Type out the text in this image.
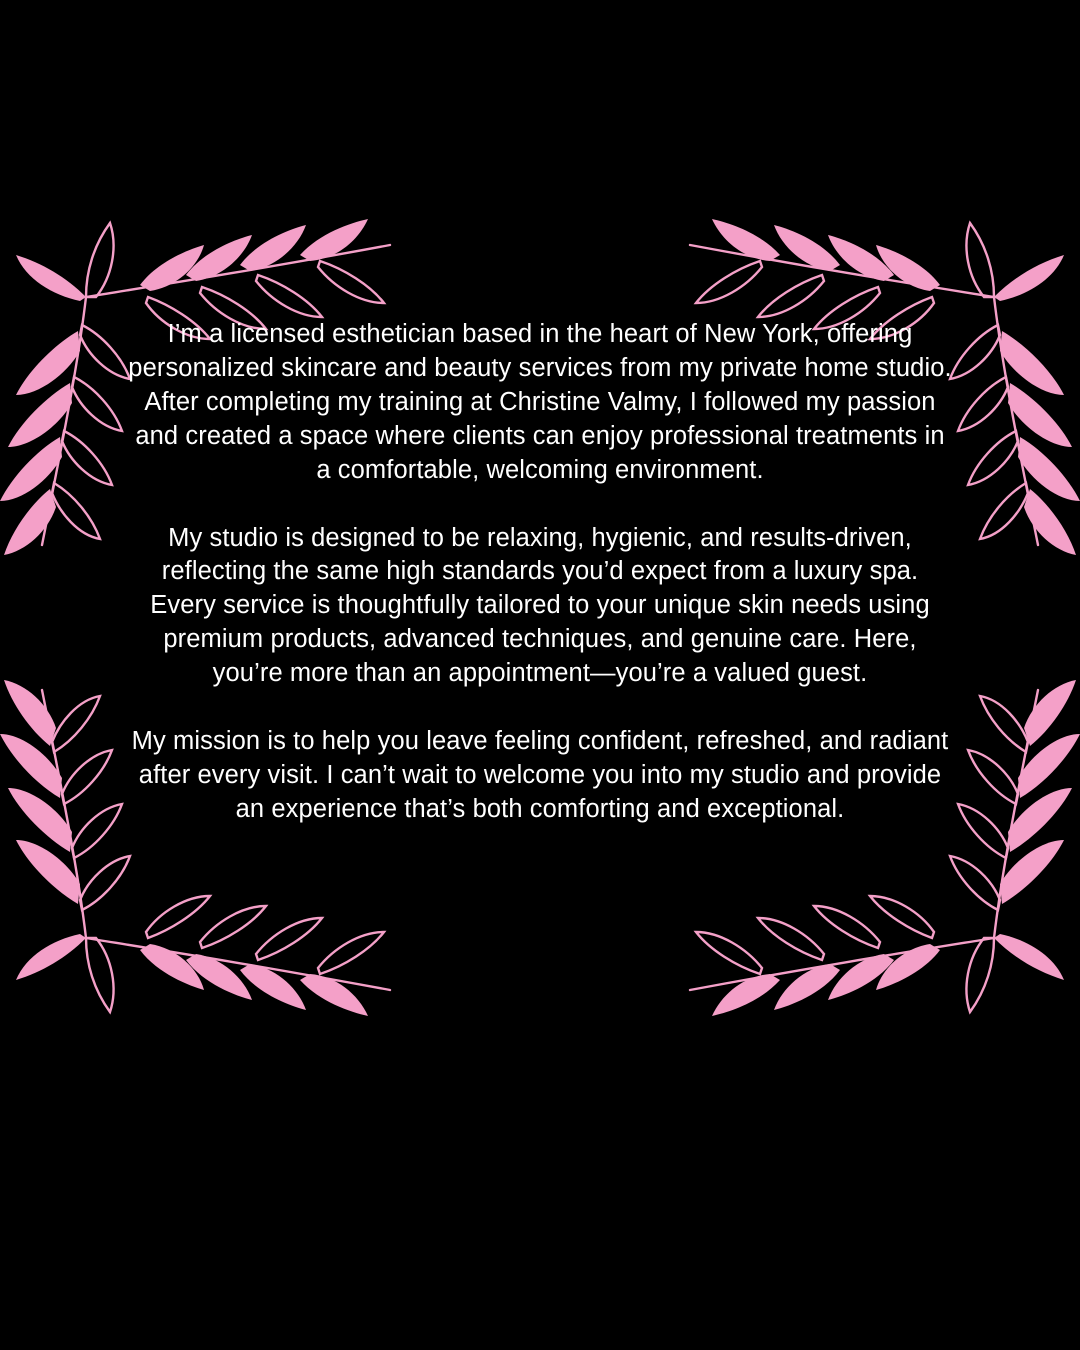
I’m a licensed esthetician based in the heart of New York, offering personalized skincare and beauty services from my private home studio. After completing my training at Christine Valmy, I followed my passion and created a space where clients can enjoy professional treatments in a comfortable, welcoming environment.

My studio is designed to be relaxing, hygienic, and results-driven, reflecting the same high standards you’d expect from a luxury spa. Every service is thoughtfully tailored to your unique skin needs using premium products, advanced techniques, and genuine care. Here, you’re more than an appointment—you’re a valued guest.

My mission is to help you leave feeling confident, refreshed, and radiant after every visit. I can’t wait to welcome you into my studio and provide an experience that’s both comforting and exceptional.
